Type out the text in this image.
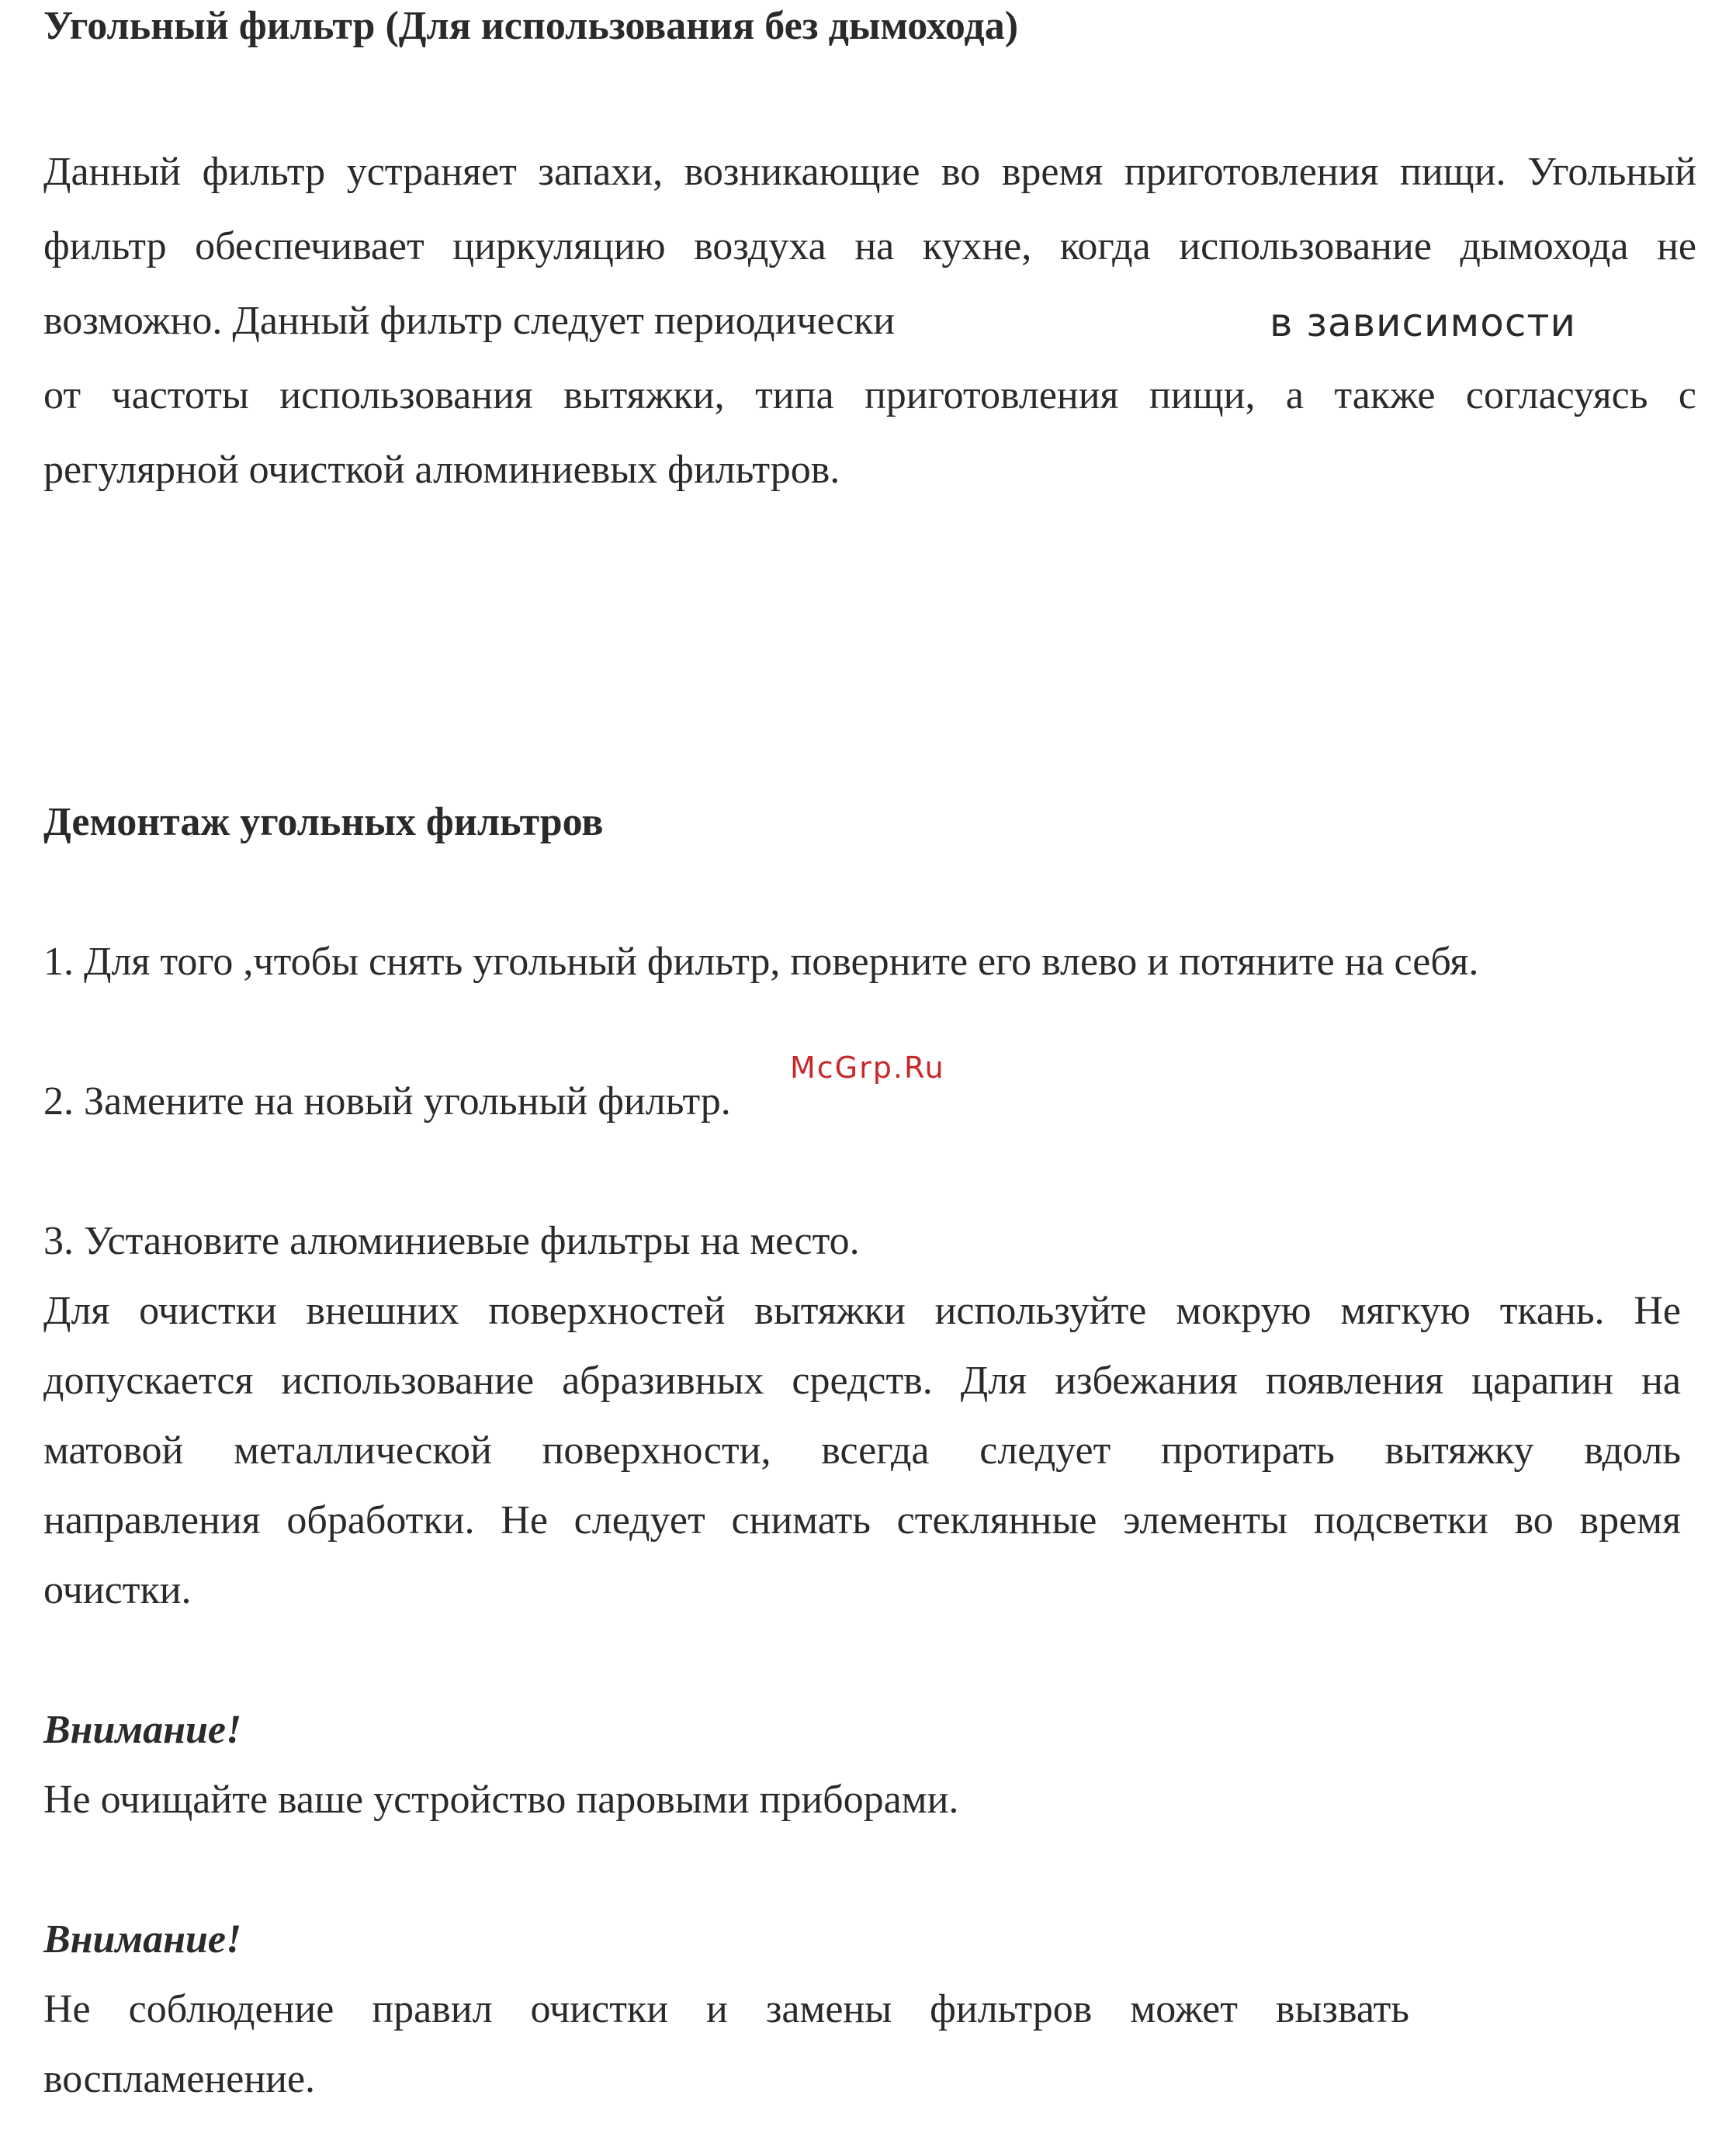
Угольный фильтр (Для использования без дымохода)

Данный фильтр устраняет запахи, возникающие во время приготовления пищи. Угольный

фильтр обеспечивает циркуляцию воздуха на кухне, когда использование дымохода не

возможно. Данный фильтр следует периодически	в зависимости

от частоты использования вытяжки, типа приготовления пищи, а также согласуясь с

регулярной очисткой алюминиевых фильтров.

Демонтаж угольных фильтров

1. Для того ,чтобы снять угольный фильтр, поверните его влево и потяните на себя.

McGrp.Ru

2. Замените на новый угольный фильтр.

3. Установите алюминиевые фильтры на место.

Для очистки внешних поверхностей вытяжки используйте мокрую мягкую ткань. Не

допускается использование абразивных средств. Для избежания появления царапин на

матовой металлической поверхности, всегда следует протирать вытяжку вдоль

направления обработки. Не следует снимать стеклянные элементы подсветки во время

очистки.

Внимание!

Не очищайте ваше устройство паровыми приборами.

Внимание!

Не соблюдение правил очистки и замены фильтров может вызвать

воспламенение.
